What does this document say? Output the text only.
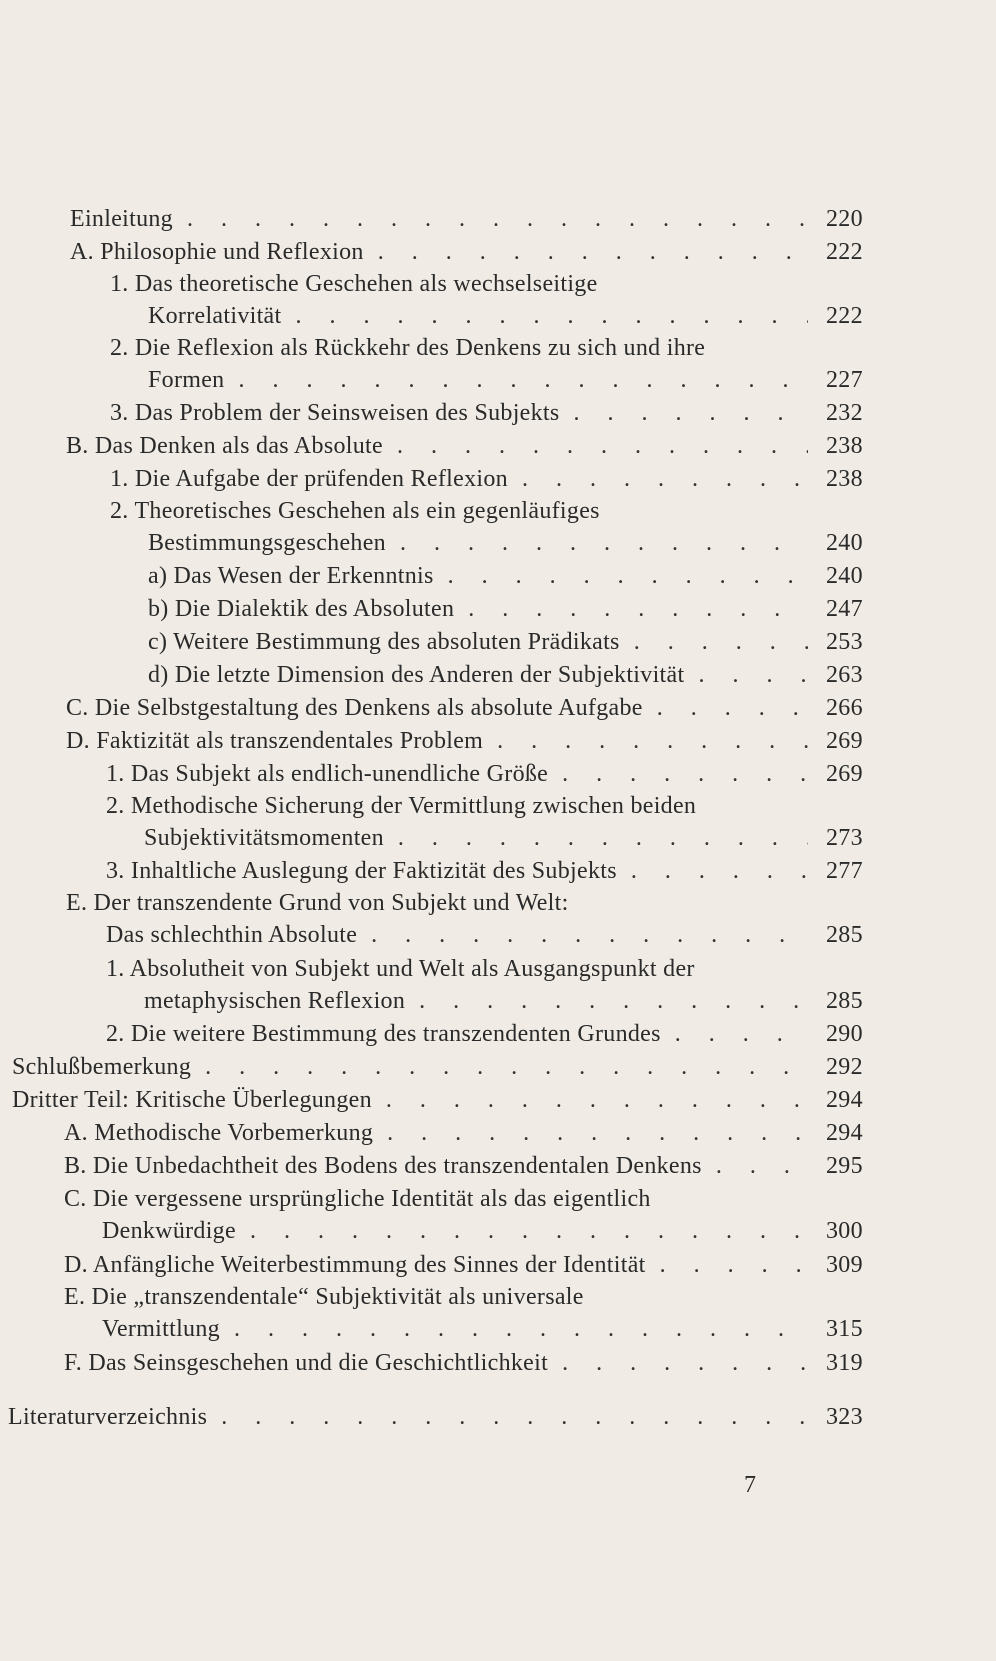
Einleitung . . .	220
A. Philosophie und Reflexion . . .	222
1. Das theoretische Geschehen als wechselseitige
Korrelativität . . .	222
2. Die Reflexion als Rückkehr des Denkens zu sich und ihre
Formen . . .	227
3. Das Problem der Seinsweisen des Subjekts . . .	232
B. Das Denken als das Absolute . . .	238
1. Die Aufgabe der prüfenden Reflexion . . .	238
2. Theoretisches Geschehen als ein gegenläufiges
Bestimmungsgeschehen . . .	240
a) Das Wesen der Erkenntnis . . .	240
b) Die Dialektik des Absoluten . . .	247
c) Weitere Bestimmung des absoluten Prädikats . . .	253
d) Die letzte Dimension des Anderen der Subjektivität . . .	263
C. Die Selbstgestaltung des Denkens als absolute Aufgabe . . .	266
D. Faktizität als transzendentales Problem . . .	269
1. Das Subjekt als endlich-unendliche Größe . . .	269
2. Methodische Sicherung der Vermittlung zwischen beiden
Subjektivitätsmomenten . . .	273
3. Inhaltliche Auslegung der Faktizität des Subjekts . . .	277
E. Der transzendente Grund von Subjekt und Welt:
Das schlechthin Absolute . . .	285
1. Absolutheit von Subjekt und Welt als Ausgangspunkt der
metaphysischen Reflexion . . .	285
2. Die weitere Bestimmung des transzendenten Grundes . . .	290
Schlußbemerkung . . .	292
Dritter Teil: Kritische Überlegungen . . .	294
A. Methodische Vorbemerkung . . .	294
B. Die Unbedachtheit des Bodens des transzendentalen Denkens . . .	295
C. Die vergessene ursprüngliche Identität als das eigentlich
Denkwürdige . . .	300
D. Anfängliche Weiterbestimmung des Sinnes der Identität . . .	309
E. Die „transzendentale“ Subjektivität als universale
Vermittlung . . .	315
F. Das Seinsgeschehen und die Geschichtlichkeit . . .	319
Literaturverzeichnis . . .	323
7
